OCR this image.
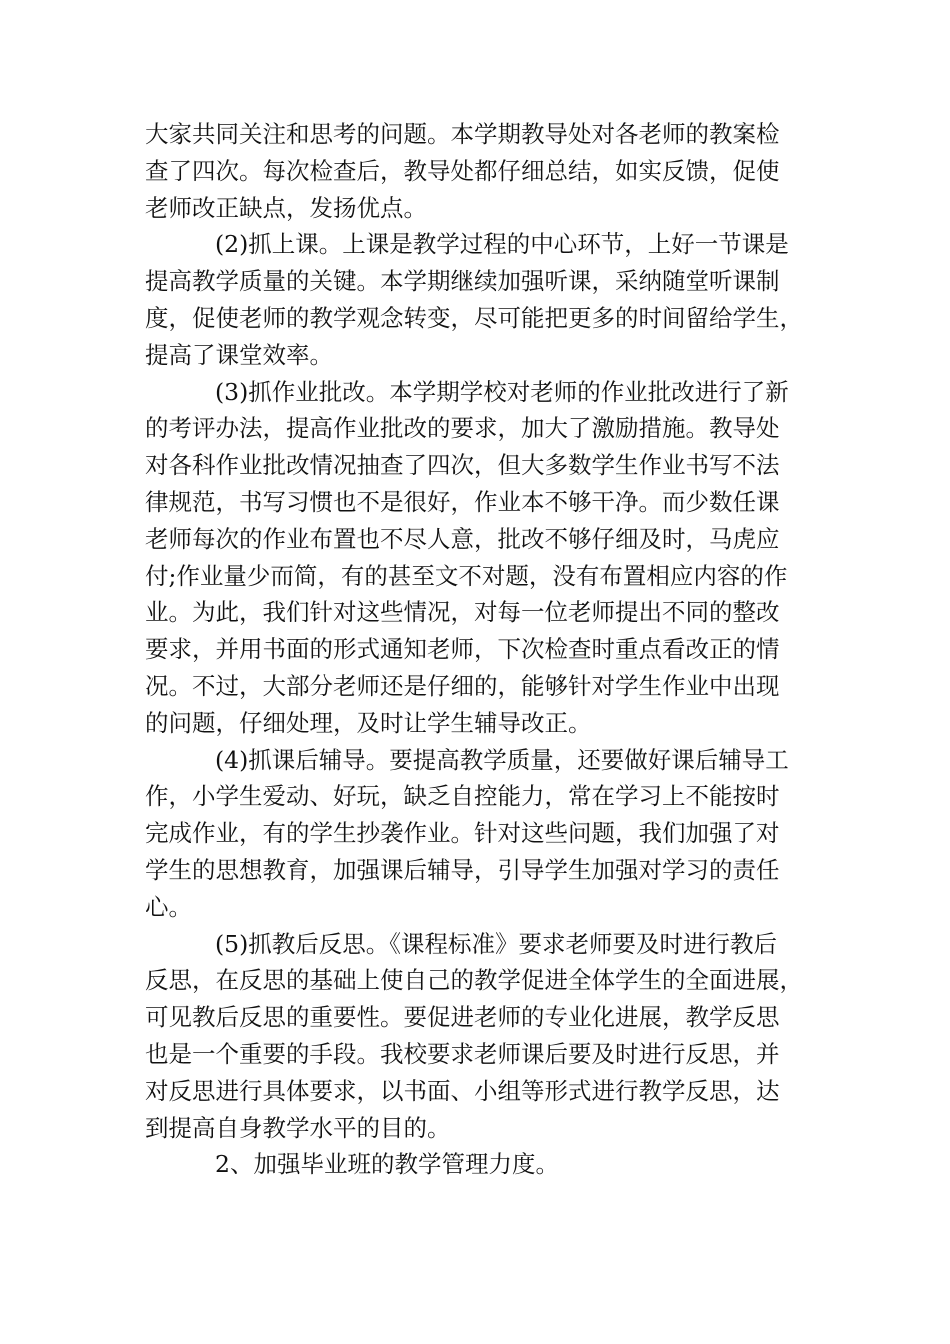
大家共同关注和思考的问题。本学期教导处对各老师的教案检
查了四次。每次检查后，教导处都仔细总结，如实反馈，促使
老师改正缺点，发扬优点。
(2)抓上课。上课是教学过程的中心环节，上好一节课是
提高教学质量的关键。本学期继续加强听课，采纳随堂听课制
度，促使老师的教学观念转变，尽可能把更多的时间留给学生，
提高了课堂效率。
(3)抓作业批改。本学期学校对老师的作业批改进行了新
的考评办法，提高作业批改的要求，加大了激励措施。教导处
对各科作业批改情况抽查了四次，但大多数学生作业书写不法
律规范，书写习惯也不是很好，作业本不够干净。而少数任课
老师每次的作业布置也不尽人意，批改不够仔细及时，马虎应
付;作业量少而简，有的甚至文不对题，没有布置相应内容的作
业。为此，我们针对这些情况，对每一位老师提出不同的整改
要求，并用书面的形式通知老师，下次检查时重点看改正的情
况。不过，大部分老师还是仔细的，能够针对学生作业中出现
的问题，仔细处理，及时让学生辅导改正。
(4)抓课后辅导。要提高教学质量，还要做好课后辅导工
作，小学生爱动、好玩，缺乏自控能力，常在学习上不能按时
完成作业，有的学生抄袭作业。针对这些问题，我们加强了对
学生的思想教育，加强课后辅导，引导学生加强对学习的责任
心。
(5)抓教后反思。《课程标准》要求老师要及时进行教后
反思，在反思的基础上使自己的教学促进全体学生的全面进展，
可见教后反思的重要性。要促进老师的专业化进展，教学反思
也是一个重要的手段。我校要求老师课后要及时进行反思，并
对反思进行具体要求，以书面、小组等形式进行教学反思，达
到提高自身教学水平的目的。
2、加强毕业班的教学管理力度。
